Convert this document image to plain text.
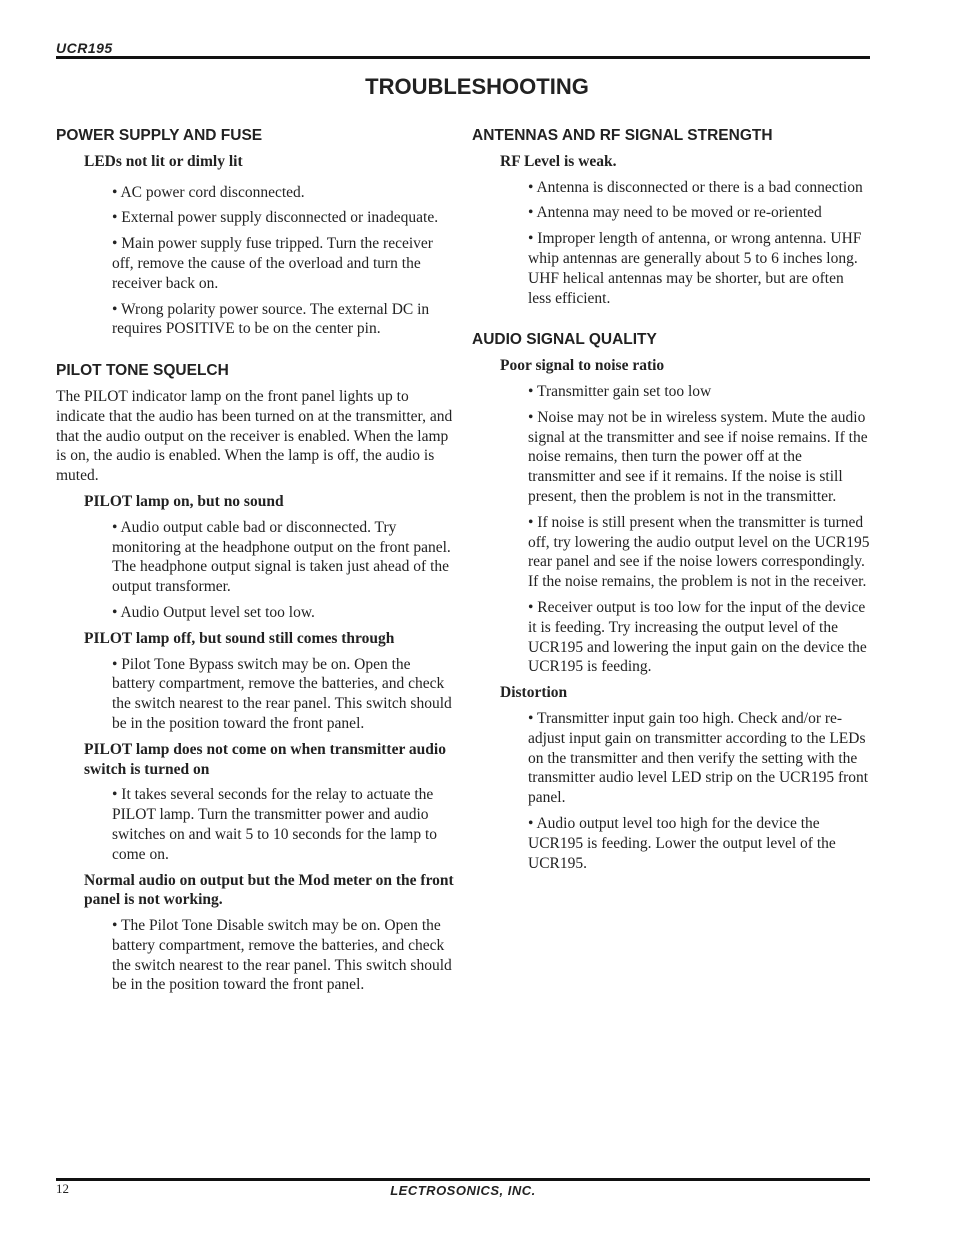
UCR195
TROUBLESHOOTING
POWER SUPPLY AND FUSE
LEDs not lit or dimly lit
• AC power cord disconnected.
• External power supply disconnected or inadequate.
• Main power supply fuse tripped. Turn the receiver off, remove the cause of the overload and turn the receiver back on.
• Wrong polarity power source. The external DC in requires POSITIVE to be on the center pin.
PILOT TONE SQUELCH
The PILOT indicator lamp on the front panel lights up to indicate that the audio has been turned on at the transmitter, and that the audio output on the receiver is enabled. When the lamp is on, the audio is enabled. When the lamp is off, the audio is muted.
PILOT lamp on, but no sound
• Audio output cable bad or disconnected. Try monitoring at the headphone output on the front panel. The headphone output signal is taken just ahead of the output transformer.
• Audio Output level set too low.
PILOT lamp off, but sound still comes through
• Pilot Tone Bypass switch may be on. Open the battery compartment, remove the batteries, and check the switch nearest to the rear panel. This switch should be in the position toward the front panel.
PILOT lamp does not come on when transmitter audio switch is turned on
• It takes several seconds for the relay to actuate the PILOT lamp. Turn the transmitter power and audio switches on and wait 5 to 10 seconds for the lamp to come on.
Normal audio on output but the Mod meter on the front panel is not working.
• The Pilot Tone Disable switch may be on. Open the battery compartment, remove the batteries, and check the switch nearest to the rear panel. This switch should be in the position toward the front panel.
ANTENNAS AND RF SIGNAL STRENGTH
RF Level is weak.
• Antenna is disconnected or there is a bad connection
• Antenna may need to be moved or re-oriented
• Improper length of antenna, or wrong antenna. UHF whip antennas are generally about 5 to 6 inches long. UHF helical antennas may be shorter, but are often less efficient.
AUDIO SIGNAL QUALITY
Poor signal to noise ratio
• Transmitter gain set too low
• Noise may not be in wireless system. Mute the audio signal at the transmitter and see if noise remains. If the noise remains, then turn the power off at the transmitter and see if it remains. If the noise is still present, then the problem is not in the transmitter.
• If noise is still present when the transmitter is turned off, try lowering the audio output level on the UCR195 rear panel and see if the noise lowers correspondingly. If the noise remains, the problem is not in the receiver.
• Receiver output is too low for the input of the device it is feeding. Try increasing the output level of the UCR195 and lowering the input gain on the device the UCR195 is feeding.
Distortion
• Transmitter input gain too high. Check and/or re-adjust input gain on transmitter according to the LEDs on the transmitter and then verify the setting with the transmitter audio level LED strip on the UCR195 front panel.
• Audio output level too high for the device the UCR195 is feeding. Lower the output level of the UCR195.
12	LECTROSONICS, INC.
